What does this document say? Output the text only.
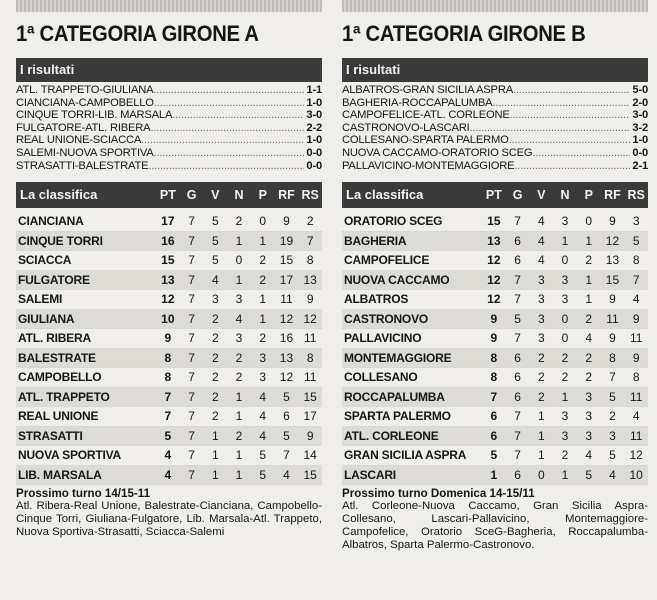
1ª CATEGORIA GIRONE A
I risultati
ATL. TRAPPETO-GIULIANA .....	1-1
CIANCIANA-CAMPOBELLO .....	1-0
CINQUE TORRI-LIB. MARSALA .....	3-0
FULGATORE-ATL. RIBERA .....	2-2
REAL UNIONE-SCIACCA .....	1-0
SALEMI-NUOVA SPORTIVA .....	0-0
STRASATTI-BALESTRATE .....	0-0
La classifica	PT G	V	N	P RF RS
CIANCIANA	17	7	5	2	0	9	2
CINQUE TORRI	16	7	5	1	1	19	7
SCIACCA	15	7	5	0	2	15	8
FULGATORE	13	7	4	1	2	17 13
SALEMI	12	7	3	3	1	11	9
GIULIANA	10	7	2	4	1	12 12
ATL. RIBERA	9	7	2	3	2	16 11
BALESTRATE	8	7	2	2	3	13	8
CAMPOBELLO	8	7	2	2	3	12 11
ATL. TRAPPETO	7	7	2	1	4	5	15
REAL UNIONE	7	7	2	1	4	6	17
STRASATTI	5	7	1	2	4	5	9
NUOVA SPORTIVA	4	7	1	1	5	7	14
LIB. MARSALA	4	7	1	1	5	4	15
Prossimo turno 14/15-11
Atl. Ribera-Real Unione, Balestrate-Cianciana, Campobello-Cinque Torri, Giuliana-Fulgatore, Lib. Marsala-Atl. Trappeto, Nuova Sportiva-Strasatti, Sciacca-Salemi
1ª CATEGORIA GIRONE B
I risultati
ALBATROS-GRAN SICILIA ASPRA .....	5-0
BAGHERIA-ROCCAPALUMBA .....	2-0
CAMPOFELICE-ATL. CORLEONE .....	3-0
CASTRONOVO-LASCARI .....	3-2
COLLESANO-SPARTA PALERMO .....	1-0
NUOVA CACCAMO-ORATORIO SCEG .....	0-0
PALLAVICINO-MONTEMAGGIORE .....	2-1
La classifica	PT G	V	N	P RF RS
ORATORIO SCEG	15	7	4	3	0	9	3
BAGHERIA	13	6	4	1	1	12	5
CAMPOFELICE	12	6	4	0	2	13	8
NUOVA CACCAMO	12	7	3	3	1	15	7
ALBATROS	12	7	3	3	1	9	4
CASTRONOVO	9	5	3	0	2	11	9
PALLAVICINO	9	7	3	0	4	9	11
MONTEMAGGIORE	8	6	2	2	2	8	9
COLLESANO	8	6	2	2	2	7	8
ROCCAPALUMBA	7	6	2	1	3	5	11
SPARTA PALERMO	6	7	1	3	3	2	4
ATL. CORLEONE	6	7	1	3	3	3	11
GRAN SICILIA ASPRA	5	7	1	2	4	5	12
LASCARI	1	6	0	1	5	4	10
Prossimo turno Domenica 14-15/11
Atl. Corleone-Nuova Caccamo, Gran Sicilia Aspra-Collesano, Lascari-Pallavicino, Montemaggiore-Campofelice, Oratorio SceG-Bagheria, Roccapalumba-Albatros, Sparta Palermo-Castronovo.
